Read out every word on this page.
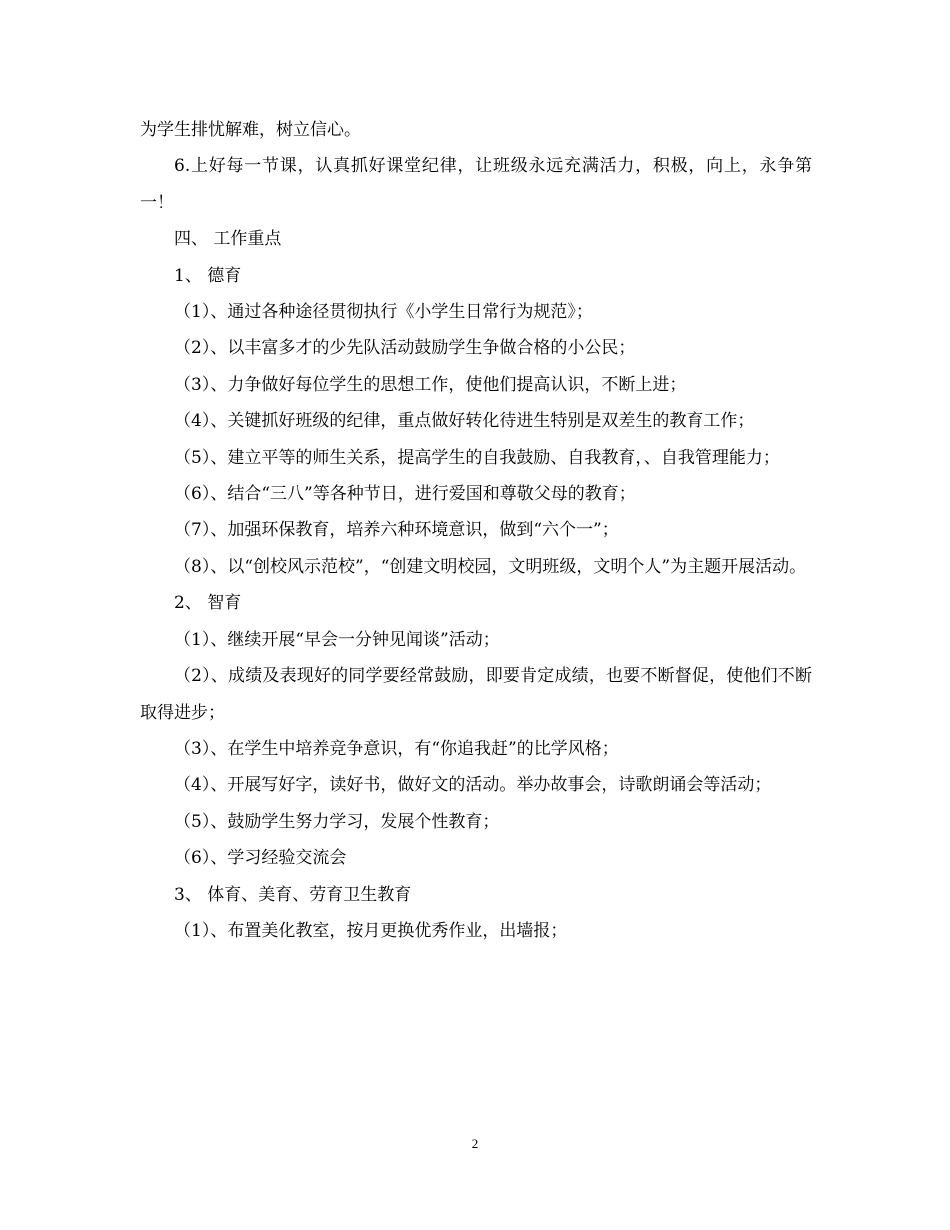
为学生排忧解难，树立信心。

6.上好每一节课，认真抓好课堂纪律，让班级永远充满活力，积极，向上，永争第一！

四、 工作重点

1、 德育

（1）、通过各种途径贯彻执行《小学生日常行为规范》；

（2）、以丰富多才的少先队活动鼓励学生争做合格的小公民；

（3）、力争做好每位学生的思想工作，使他们提高认识，不断上进；

（4）、关键抓好班级的纪律，重点做好转化待进生特别是双差生的教育工作；

（5）、建立平等的师生关系，提高学生的自我鼓励、自我教育，、自我管理能力；

（6）、结合“三八”等各种节日，进行爱国和尊敬父母的教育；

（7）、加强环保教育，培养六种环境意识，做到“六个一”；

（8）、以“创校风示范校”，“创建文明校园，文明班级，文明个人”为主题开展活动。

2、 智育

（1）、继续开展“早会一分钟见闻谈”活动；

（2）、成绩及表现好的同学要经常鼓励，即要肯定成绩，也要不断督促，使他们不断取得进步；

（3）、在学生中培养竞争意识，有“你追我赶”的比学风格；

（4）、开展写好字，读好书，做好文的活动。举办故事会，诗歌朗诵会等活动；

（5）、鼓励学生努力学习，发展个性教育；

（6）、学习经验交流会

3、 体育、美育、劳育卫生教育

（1）、布置美化教室，按月更换优秀作业，出墙报；

2
